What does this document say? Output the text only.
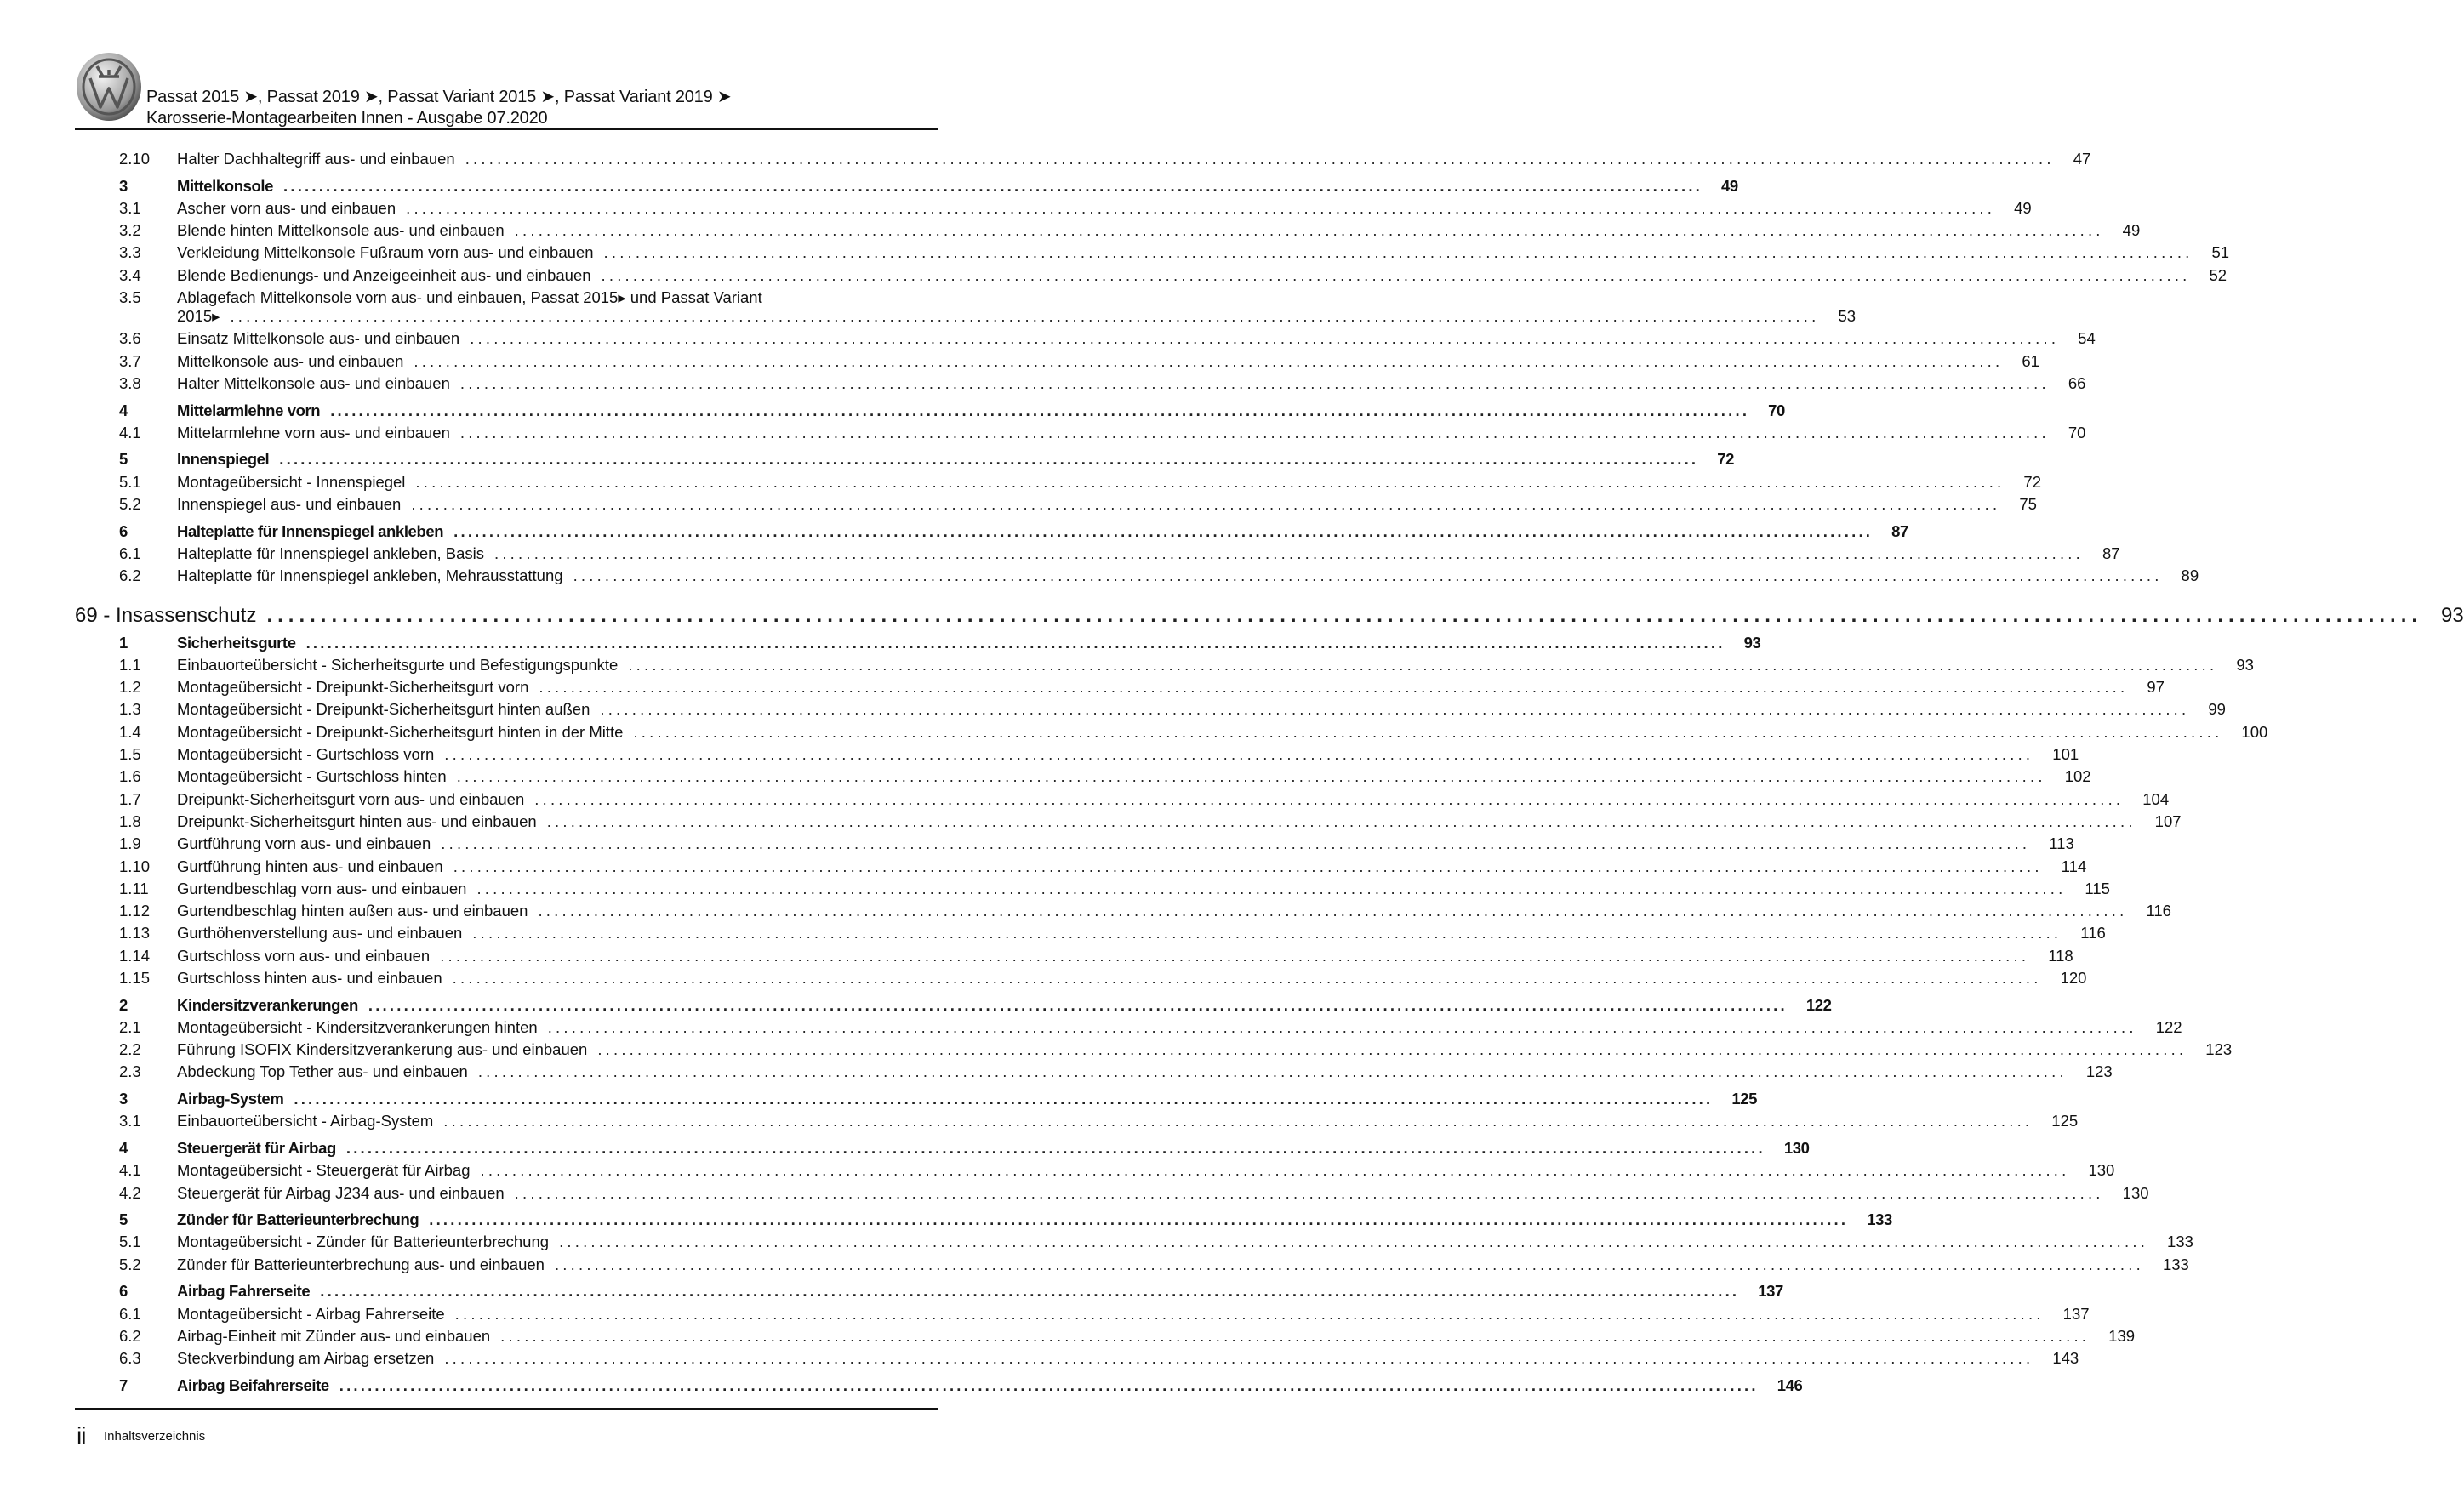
Passat 2015 ➤, Passat 2019 ➤, Passat Variant 2015 ➤, Passat Variant 2019 ➤
Karosserie-Montagearbeiten Innen - Ausgabe 07.2020
2.10 Halter Dachhaltegriff aus- und einbauen ........................................................................................................................................................................................................ 47
3	Mittelkonsole ........................................................................................................................................................................................................ 49
3.1 Ascher vorn aus- und einbauen ........................................................................................................................................................................................................ 49
3.2 Blende hinten Mittelkonsole aus- und einbauen ........................................................................................................................................................................................................ 49
3.3 Verkleidung Mittelkonsole Fußraum vorn aus- und einbauen ........................................................................................................................................................................................................ 51
3.4 Blende Bedienungs- und Anzeigeeinheit aus- und einbauen ........................................................................................................................................................................................................ 52
3.5 Ablagefach Mittelkonsole vorn aus- und einbauen, Passat 2015▸ und Passat Variant
2015▸ ........................................................................................................................................................................................................ 53
3.6 Einsatz Mittelkonsole aus- und einbauen ........................................................................................................................................................................................................ 54
3.7 Mittelkonsole aus- und einbauen ........................................................................................................................................................................................................ 61
3.8 Halter Mittelkonsole aus- und einbauen ........................................................................................................................................................................................................ 66
4	Mittelarmlehne vorn ........................................................................................................................................................................................................ 70
4.1 Mittelarmlehne vorn aus- und einbauen ........................................................................................................................................................................................................ 70
5	Innenspiegel ........................................................................................................................................................................................................ 72
5.1 Montageübersicht - Innenspiegel ........................................................................................................................................................................................................ 72
5.2 Innenspiegel aus- und einbauen ........................................................................................................................................................................................................ 75
6	Halteplatte für Innenspiegel ankleben ........................................................................................................................................................................................................ 87
6.1 Halteplatte für Innenspiegel ankleben, Basis ........................................................................................................................................................................................................ 87
6.2 Halteplatte für Innenspiegel ankleben, Mehrausstattung ........................................................................................................................................................................................................ 89
69 - Insassenschutz ........................................................................................................................................................................................................ 93
1	Sicherheitsgurte ........................................................................................................................................................................................................ 93
1.1 Einbauorteübersicht - Sicherheitsgurte und Befestigungspunkte ........................................................................................................................................................................................................ 93
1.2 Montageübersicht - Dreipunkt-Sicherheitsgurt vorn ........................................................................................................................................................................................................ 97
1.3 Montageübersicht - Dreipunkt-Sicherheitsgurt hinten außen ........................................................................................................................................................................................................ 99
1.4 Montageübersicht - Dreipunkt-Sicherheitsgurt hinten in der Mitte ........................................................................................................................................................................................................ 100
1.5 Montageübersicht - Gurtschloss vorn ........................................................................................................................................................................................................ 101
1.6 Montageübersicht - Gurtschloss hinten ........................................................................................................................................................................................................ 102
1.7 Dreipunkt-Sicherheitsgurt vorn aus- und einbauen ........................................................................................................................................................................................................ 104
1.8 Dreipunkt-Sicherheitsgurt hinten aus- und einbauen ........................................................................................................................................................................................................ 107
1.9 Gurtführung vorn aus- und einbauen ........................................................................................................................................................................................................ 113
1.10 Gurtführung hinten aus- und einbauen ........................................................................................................................................................................................................ 114
1.11 Gurtendbeschlag vorn aus- und einbauen ........................................................................................................................................................................................................ 115
1.12 Gurtendbeschlag hinten außen aus- und einbauen ........................................................................................................................................................................................................ 116
1.13 Gurthöhenverstellung aus- und einbauen ........................................................................................................................................................................................................ 116
1.14 Gurtschloss vorn aus- und einbauen ........................................................................................................................................................................................................ 118
1.15 Gurtschloss hinten aus- und einbauen ........................................................................................................................................................................................................ 120
2	Kindersitzverankerungen ........................................................................................................................................................................................................ 122
2.1 Montageübersicht - Kindersitzverankerungen hinten ........................................................................................................................................................................................................ 122
2.2 Führung ISOFIX Kindersitzverankerung aus- und einbauen ........................................................................................................................................................................................................ 123
2.3 Abdeckung Top Tether aus- und einbauen ........................................................................................................................................................................................................ 123
3	Airbag-System ........................................................................................................................................................................................................ 125
3.1 Einbauorteübersicht - Airbag-System ........................................................................................................................................................................................................ 125
4	Steuergerät für Airbag ........................................................................................................................................................................................................ 130
4.1 Montageübersicht - Steuergerät für Airbag ........................................................................................................................................................................................................ 130
4.2 Steuergerät für Airbag J234 aus- und einbauen ........................................................................................................................................................................................................ 130
5	Zünder für Batterieunterbrechung ........................................................................................................................................................................................................ 133
5.1 Montageübersicht - Zünder für Batterieunterbrechung ........................................................................................................................................................................................................ 133
5.2 Zünder für Batterieunterbrechung aus- und einbauen ........................................................................................................................................................................................................ 133
6	Airbag Fahrerseite ........................................................................................................................................................................................................ 137
6.1 Montageübersicht - Airbag Fahrerseite ........................................................................................................................................................................................................ 137
6.2 Airbag-Einheit mit Zünder aus- und einbauen ........................................................................................................................................................................................................ 139
6.3 Steckverbindung am Airbag ersetzen ........................................................................................................................................................................................................ 143
7	Airbag Beifahrerseite ........................................................................................................................................................................................................ 146
ii Inhaltsverzeichnis
